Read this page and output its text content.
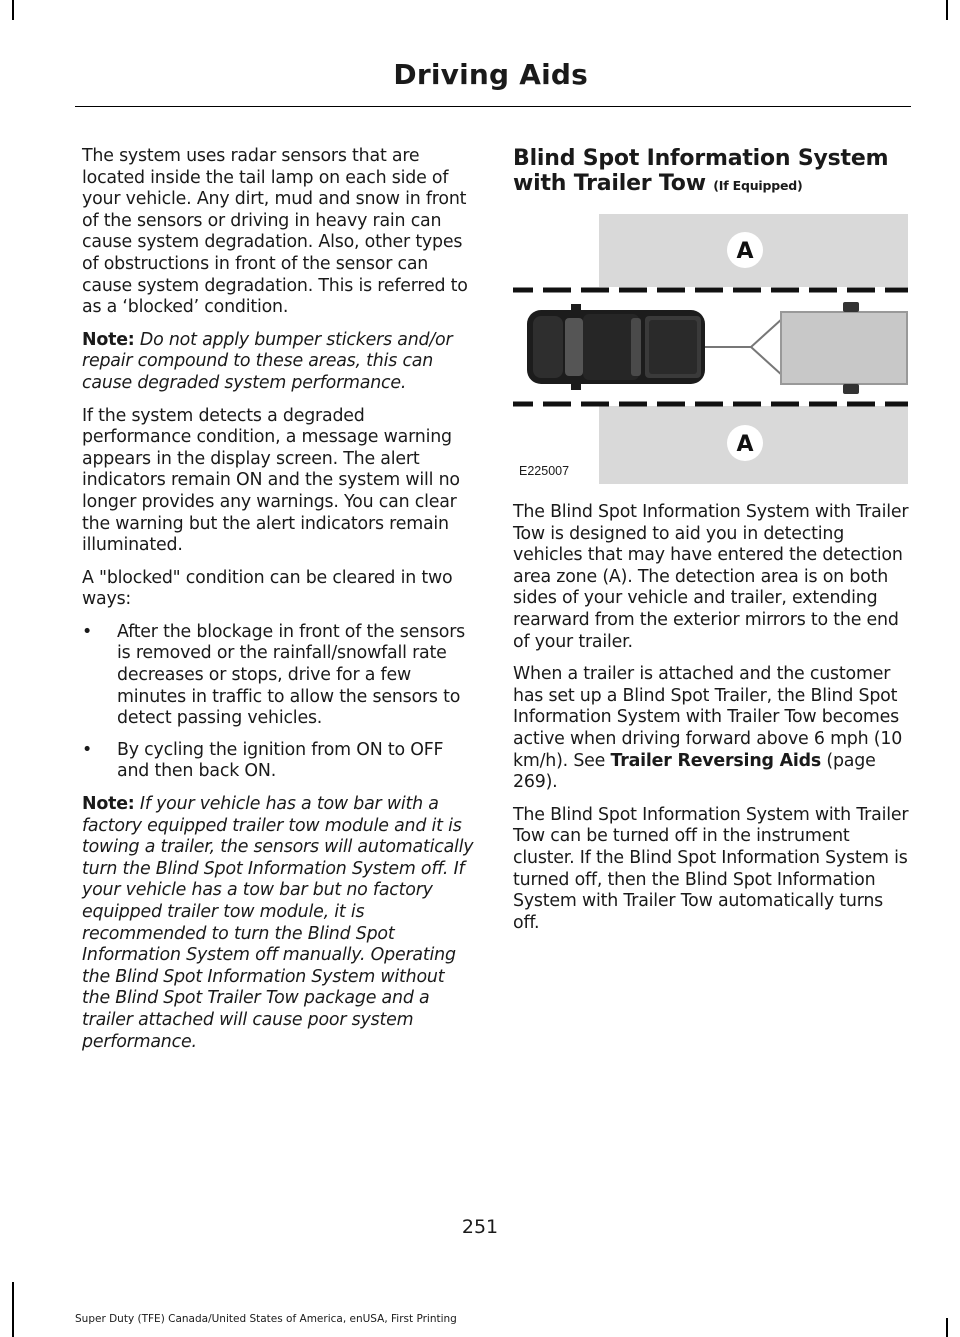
Driving Aids

The system uses radar sensors that are located inside the tail lamp on each side of your vehicle. Any dirt, mud and snow in front of the sensors or driving in heavy rain can cause system degradation. Also, other types of obstructions in front of the sensor can cause system degradation. This is referred to as a ‘blocked’ condition.

Note: Do not apply bumper stickers and/or repair compound to these areas, this can cause degraded system performance.

If the system detects a degraded performance condition, a message warning appears in the display screen. The alert indicators remain ON and the system will no longer provides any warnings. You can clear the warning but the alert indicators remain illuminated.

A "blocked" condition can be cleared in two ways:

• After the blockage in front of the sensors is removed or the rainfall/snowfall rate decreases or stops, drive for a few minutes in traffic to allow the sensors to detect passing vehicles.
• By cycling the ignition from ON to OFF and then back ON.

Note: If your vehicle has a tow bar with a factory equipped trailer tow module and it is towing a trailer, the sensors will automatically turn the Blind Spot Information System off. If your vehicle has a tow bar but no factory equipped trailer tow module, it is recommended to turn the Blind Spot Information System off manually. Operating the Blind Spot Information System without the Blind Spot Trailer Tow package and a trailer attached will cause poor system performance.

Blind Spot Information System with Trailer Tow (If Equipped)
A
A
E225007

The Blind Spot Information System with Trailer Tow is designed to aid you in detecting vehicles that may have entered the detection area zone (A). The detection area is on both sides of your vehicle and trailer, extending rearward from the exterior mirrors to the end of your trailer.

When a trailer is attached and the customer has set up a Blind Spot Trailer, the Blind Spot Information System with Trailer Tow becomes active when driving forward above 6 mph (10 km/h). See Trailer Reversing Aids (page 269).

The Blind Spot Information System with Trailer Tow can be turned off in the instrument cluster. If the Blind Spot Information System is turned off, then the Blind Spot Information System with Trailer Tow automatically turns off.

251
Super Duty (TFE) Canada/United States of America, enUSA, First Printing
